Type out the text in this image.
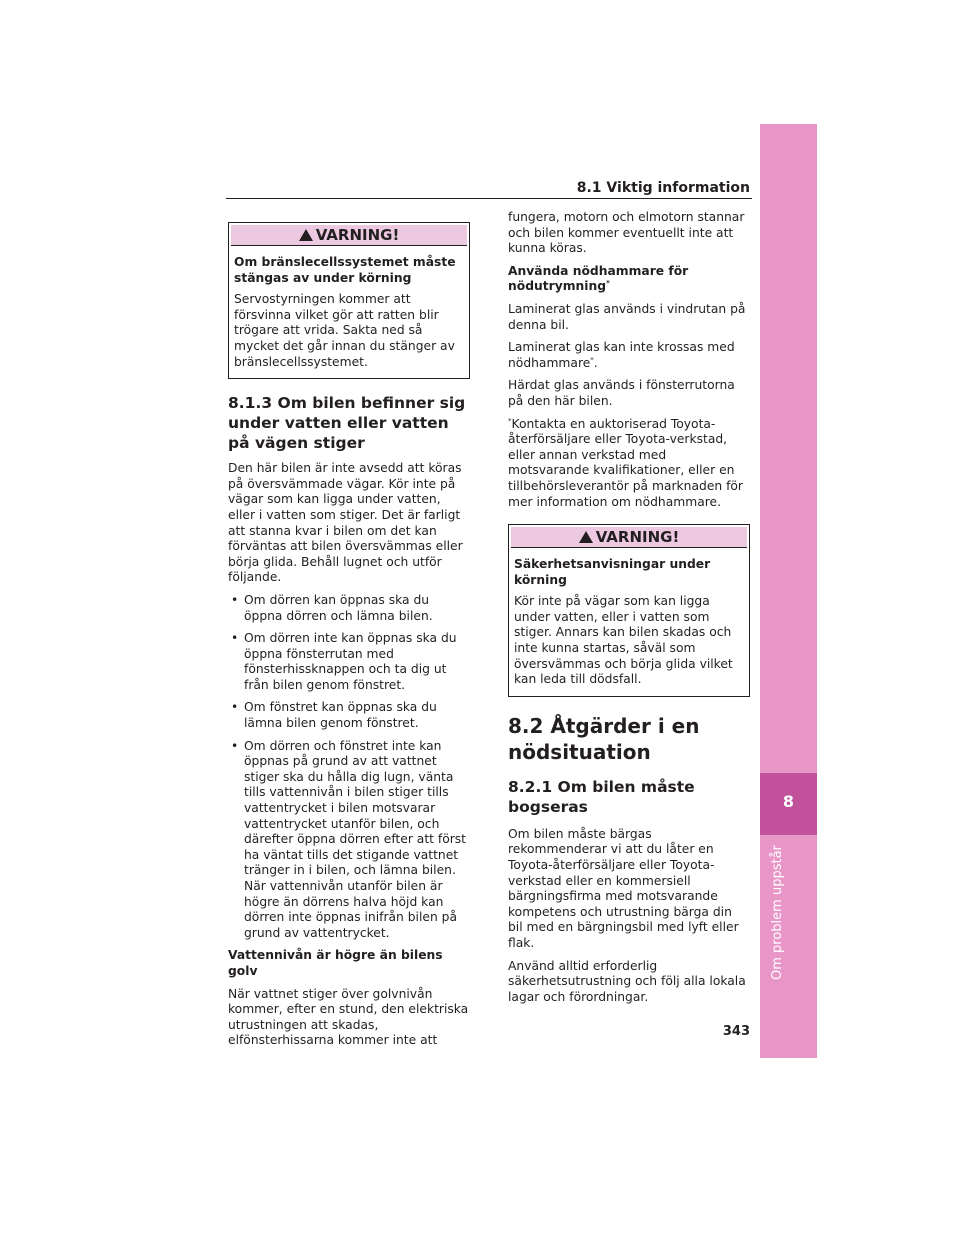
8.1 Viktig information
8
Om problem uppstår
VARNING!

Om bränslecellssystemet måste stängas av under körning

Servostyrningen kommer att försvinna vilket gör att ratten blir trögare att vrida. Sakta ned så mycket det går innan du stänger av bränslecellssystemet.

8.1.3 Om bilen befinner sig under vatten eller vatten på vägen stiger

Den här bilen är inte avsedd att köras på översvämmade vägar. Kör inte på vägar som kan ligga under vatten, eller i vatten som stiger. Det är farligt att stanna kvar i bilen om det kan förväntas att bilen översvämmas eller börja glida. Behåll lugnet och utför följande.

• Om dörren kan öppnas ska du öppna dörren och lämna bilen.
• Om dörren inte kan öppnas ska du öppna fönsterrutan med fönsterhissknappen och ta dig ut från bilen genom fönstret.
• Om fönstret kan öppnas ska du lämna bilen genom fönstret.
• Om dörren och fönstret inte kan öppnas på grund av att vattnet stiger ska du hålla dig lugn, vänta tills vattennivån i bilen stiger tills vattentrycket i bilen motsvarar vattentrycket utanför bilen, och därefter öppna dörren efter att först ha väntat tills det stigande vattnet tränger in i bilen, och lämna bilen. När vattennivån utanför bilen är högre än dörrens halva höjd kan dörren inte öppnas inifrån bilen på grund av vattentrycket.

Vattennivån är högre än bilens golv

När vattnet stiger över golvnivån kommer, efter en stund, den elektriska utrustningen att skadas, elfönsterhissarna kommer inte att

fungera, motorn och elmotorn stannar och bilen kommer eventuellt inte att kunna köras.

Använda nödhammare för nödutrymning*

Laminerat glas används i vindrutan på denna bil.

Laminerat glas kan inte krossas med nödhammare*.

Härdat glas används i fönsterrutorna på den här bilen.

*Kontakta en auktoriserad Toyota-återförsäljare eller Toyota-verkstad, eller annan verkstad med motsvarande kvalifikationer, eller en tillbehörsleverantör på marknaden för mer information om nödhammare.

VARNING!

Säkerhetsanvisningar under körning

Kör inte på vägar som kan ligga under vatten, eller i vatten som stiger. Annars kan bilen skadas och inte kunna startas, såväl som översvämmas och börja glida vilket kan leda till dödsfall.

8.2 Åtgärder i en nödsituation
8.2.1 Om bilen måste bogseras

Om bilen måste bärgas rekommenderar vi att du låter en Toyota-återförsäljare eller Toyota-verkstad eller en kommersiell bärgningsfirma med motsvarande kompetens och utrustning bärga din bil med en bärgningsbil med lyft eller flak.

Använd alltid erforderlig säkerhetsutrustning och följ alla lokala lagar och förordningar.

343
